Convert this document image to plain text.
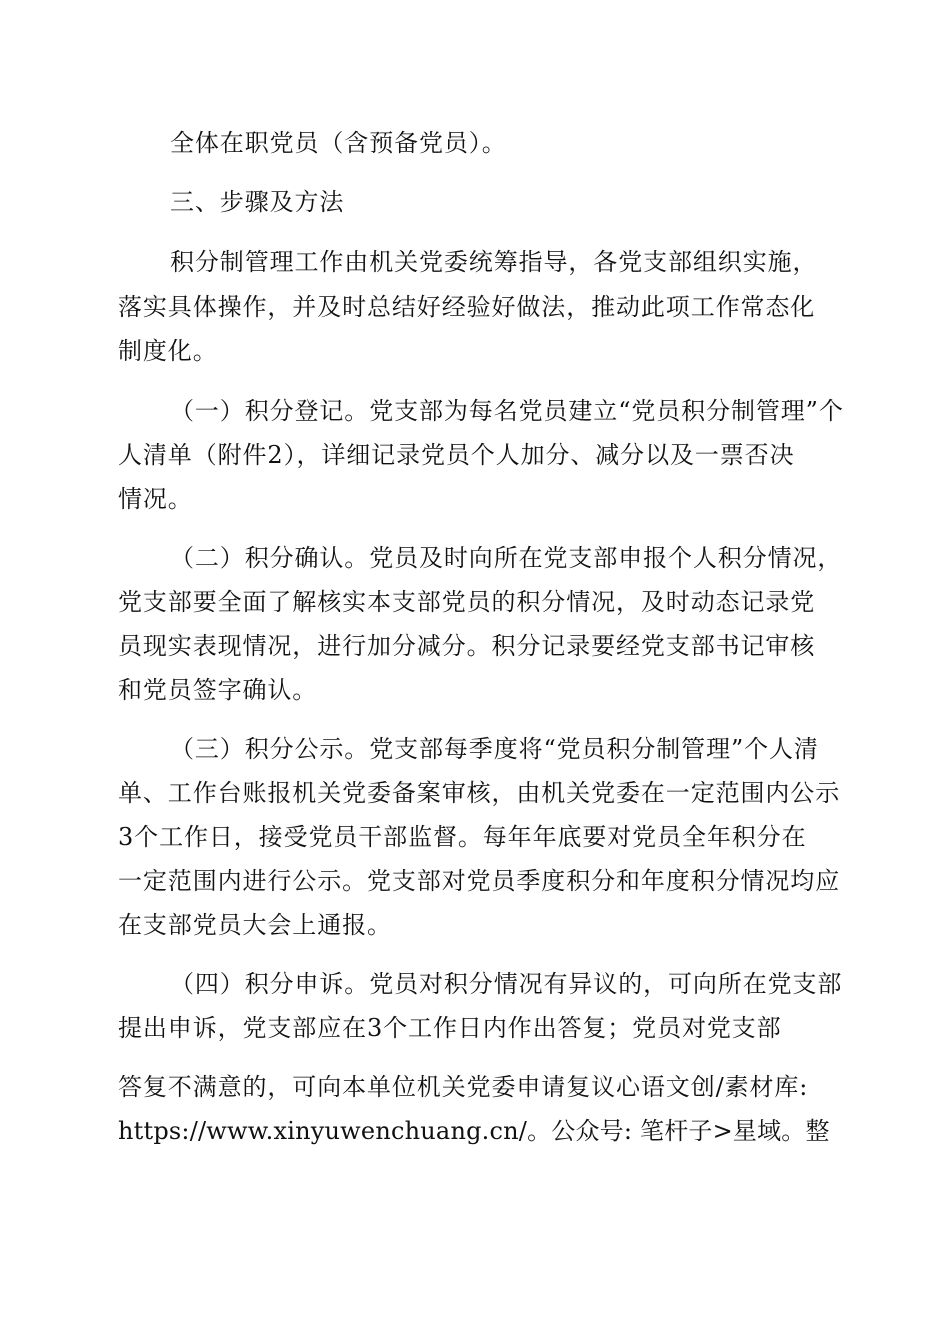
全体在职党员（含预备党员）。
三、步骤及方法
积分制管理工作由机关党委统筹指导，各党支部组织实施，
落实具体操作，并及时总结好经验好做法，推动此项工作常态化
制度化。
（一）积分登记。党支部为每名党员建立“党员积分制管理”个
人清单（附件2），详细记录党员个人加分、减分以及一票否决
情况。
（二）积分确认。党员及时向所在党支部申报个人积分情况，
党支部要全面了解核实本支部党员的积分情况，及时动态记录党
员现实表现情况，进行加分减分。积分记录要经党支部书记审核
和党员签字确认。
（三）积分公示。党支部每季度将“党员积分制管理”个人清
单、工作台账报机关党委备案审核，由机关党委在一定范围内公示
3个工作日，接受党员干部监督。每年年底要对党员全年积分在
一定范围内进行公示。党支部对党员季度积分和年度积分情况均应
在支部党员大会上通报。
（四）积分申诉。党员对积分情况有异议的，可向所在党支部
提出申诉，党支部应在3个工作日内作出答复；党员对党支部
答复不满意的，可向本单位机关党委申请复议心语文创/素材库:
https://www.xinyuwenchuang.cn/。公众号: 笔杆子>星域。整
